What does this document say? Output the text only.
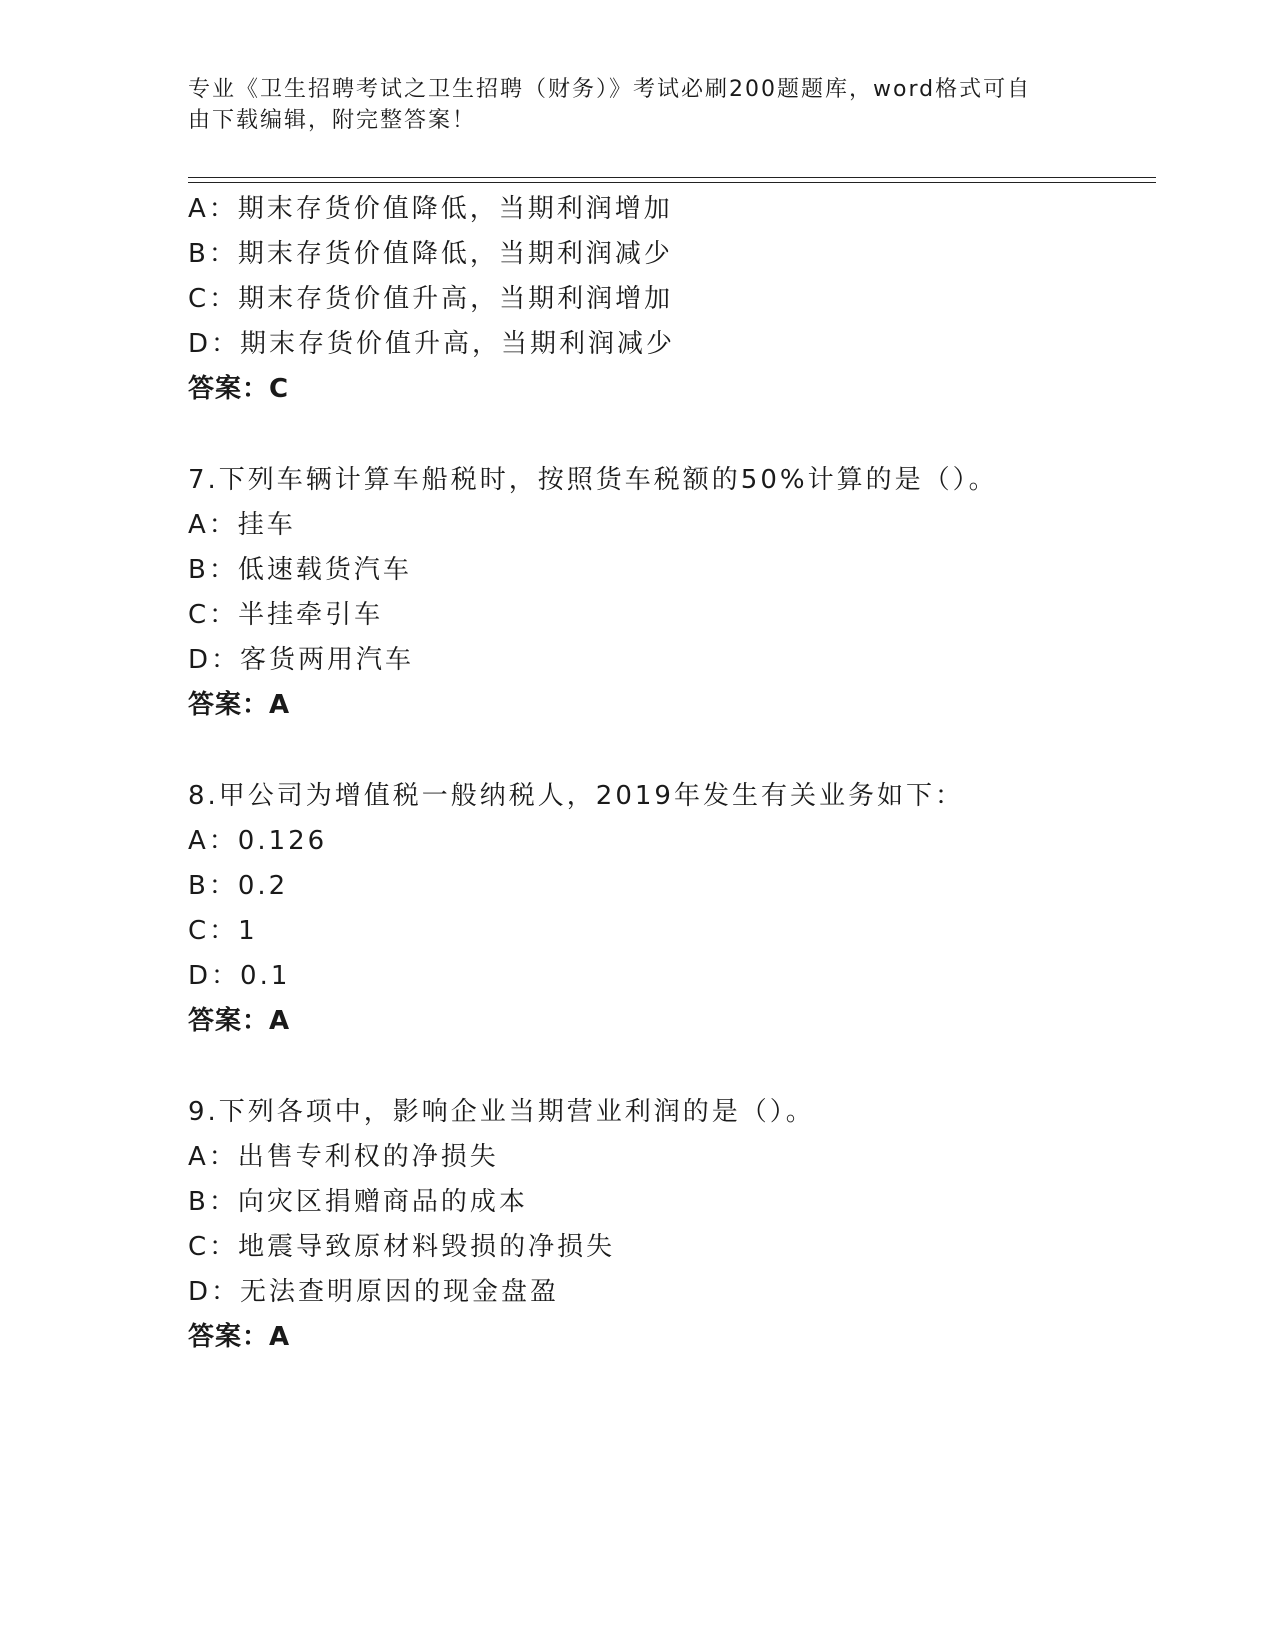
专业《卫生招聘考试之卫生招聘（财务）》考试必刷200题题库，word格式可自
由下载编辑，附完整答案！
A：期末存货价值降低，当期利润增加
B：期末存货价值降低，当期利润减少
C：期末存货价值升高，当期利润增加
D：期末存货价值升高，当期利润减少
答案：C
7.下列车辆计算车船税时，按照货车税额的50%计算的是（）。
A：挂车
B：低速载货汽车
C：半挂牵引车
D：客货两用汽车
答案：A
8.甲公司为增值税一般纳税人，2019年发生有关业务如下：
A：0.126
B：0.2
C：1
D：0.1
答案：A
9.下列各项中，影响企业当期营业利润的是（）。
A：出售专利权的净损失
B：向灾区捐赠商品的成本
C：地震导致原材料毁损的净损失
D：无法查明原因的现金盘盈
答案：A
